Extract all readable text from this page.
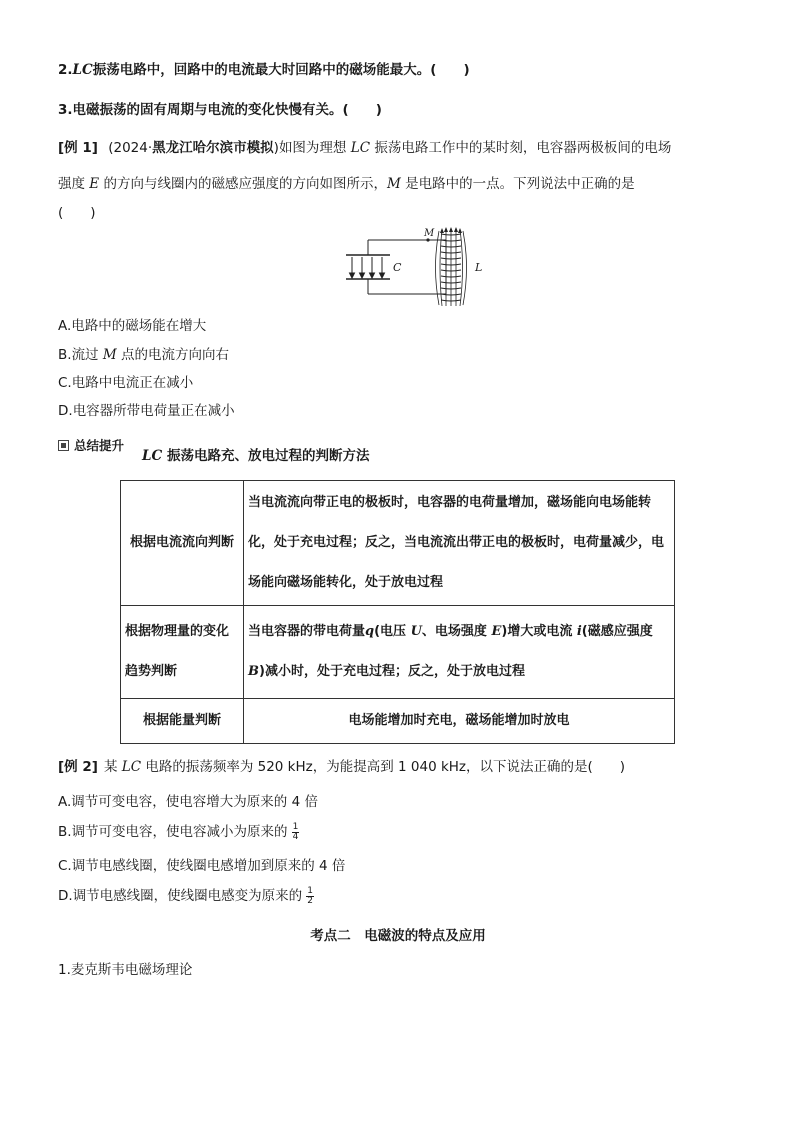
2.LC振荡电路中，回路中的电流最大时回路中的磁场能最大。(　　)
3.电磁振荡的固有周期与电流的变化快慢有关。(　　)
[例 1] (2024·黑龙江哈尔滨市模拟)如图为理想 LC 振荡电路工作中的某时刻，电容器两极板间的电场
强度 E 的方向与线圈内的磁感应强度的方向如图所示，M 是电路中的一点。下列说法中正确的是
(　　)
C
M
L
A.电路中的磁场能在增大
B.流过 M 点的电流方向向右
C.电路中电流正在减小
D.电容器所带电荷量正在减小
总结提升
LC 振荡电路充、放电过程的判断方法
根据电流流向判断	当电流流向带正电的极板时，电容器的电荷量增加，磁场能向电场能转化，处于充电过程；反之，当电流流出带正电的极板时，电荷量减少，电场能向磁场能转化，处于放电过程
根据物理量的变化趋势判断	当电容器的带电荷量q(电压 U、电场强度 E)增大或电流 i(磁感应强度 B)减小时，处于充电过程；反之，处于放电过程
根据能量判断	电场能增加时充电，磁场能增加时放电
[例 2] 某 LC 电路的振荡频率为 520 kHz，为能提高到 1 040 kHz，以下说法正确的是(　　)
A.调节可变电容，使电容增大为原来的 4 倍
B.调节可变电容，使电容减小为原来的 $\frac{1}{4}$
C.调节电感线圈，使线圈电感增加到原来的 4 倍
D.调节电感线圈，使线圈电感变为原来的 $\frac{1}{2}$
考点二　电磁波的特点及应用
1.麦克斯韦电磁场理论
